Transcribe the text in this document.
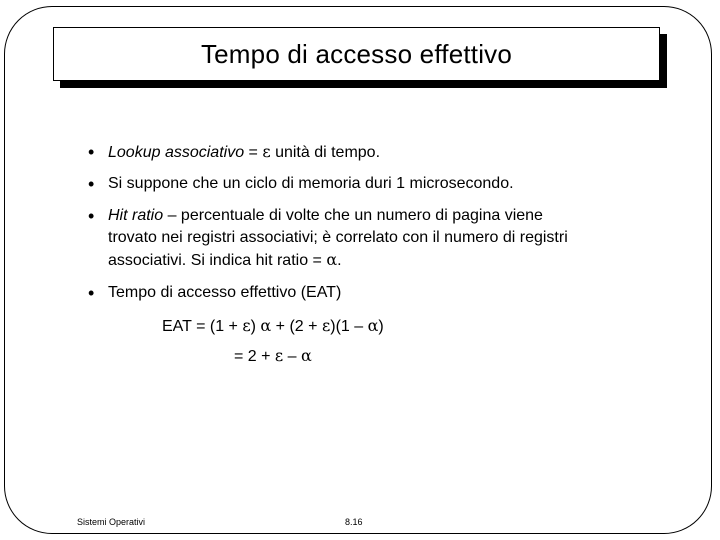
Tempo di accesso effettivo
• Lookup associativo = ε unità di tempo.
• Si suppone che un ciclo di memoria duri 1 microsecondo.
• Hit ratio – percentuale di volte che un numero di pagina viene
trovato nei registri associativi; è correlato con il numero di registri
associativi. Si indica hit ratio = α.
• Tempo di accesso effettivo (EAT)
EAT = (1 + ε) α + (2 + ε)(1 – α)
= 2 + ε – α
Sistemi Operativi	8.16
